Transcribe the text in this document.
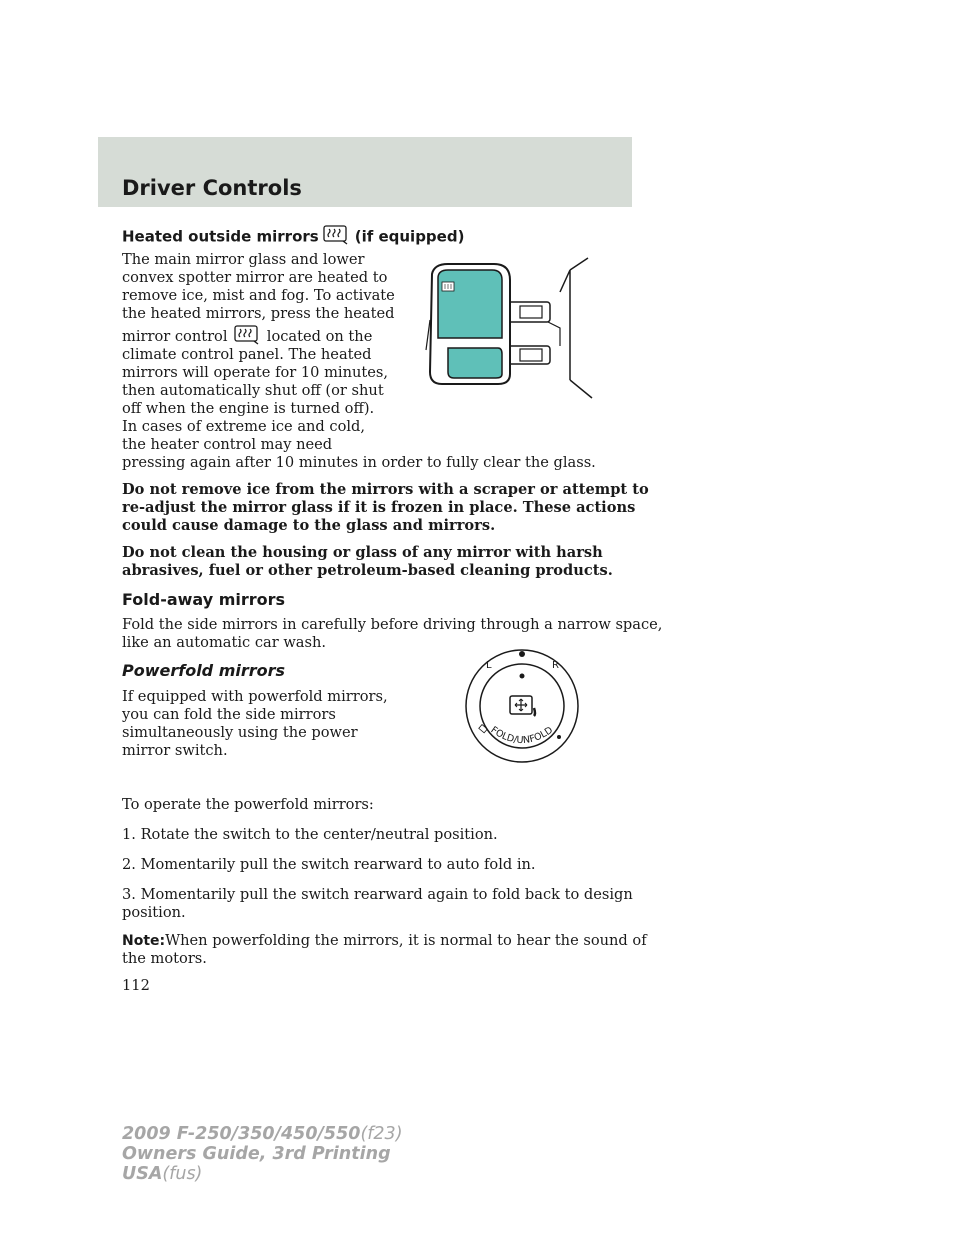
Driver Controls
Heated outside mirrors (if equipped)

The main mirror glass and lower

convex spotter mirror are heated to

remove ice, mist and fog. To activate

the heated mirrors, press the heated

mirror control	located on the

climate control panel. The heated

mirrors will operate for 10 minutes,

then automatically shut off (or shut

off when the engine is turned off).

In cases of extreme ice and cold,

the heater control may need

pressing again after 10 minutes in order to fully clear the glass.

Do not remove ice from the mirrors with a scraper or attempt to

re-adjust the mirror glass if it is frozen in place. These actions

could cause damage to the glass and mirrors.

Do not clean the housing or glass of any mirror with harsh

abrasives, fuel or other petroleum-based cleaning products.

Fold-away mirrors

Fold the side mirrors in carefully before driving through a narrow space,

like an automatic car wash.

Powerfold mirrors

If equipped with powerfold mirrors,

you can fold the side mirrors

simultaneously using the power

mirror switch.

To operate the powerfold mirrors:

1. Rotate the switch to the center/neutral position.

2. Momentarily pull the switch rearward to auto fold in.

3. Momentarily pull the switch rearward again to fold back to design

position.

Note:When powerfolding the mirrors, it is normal to hear the sound of

the motors.

112

2009 F-250/350/450/550(f23)
Owners Guide, 3rd Printing
USA(fus)
L	R
FOLD/UNFOLD
